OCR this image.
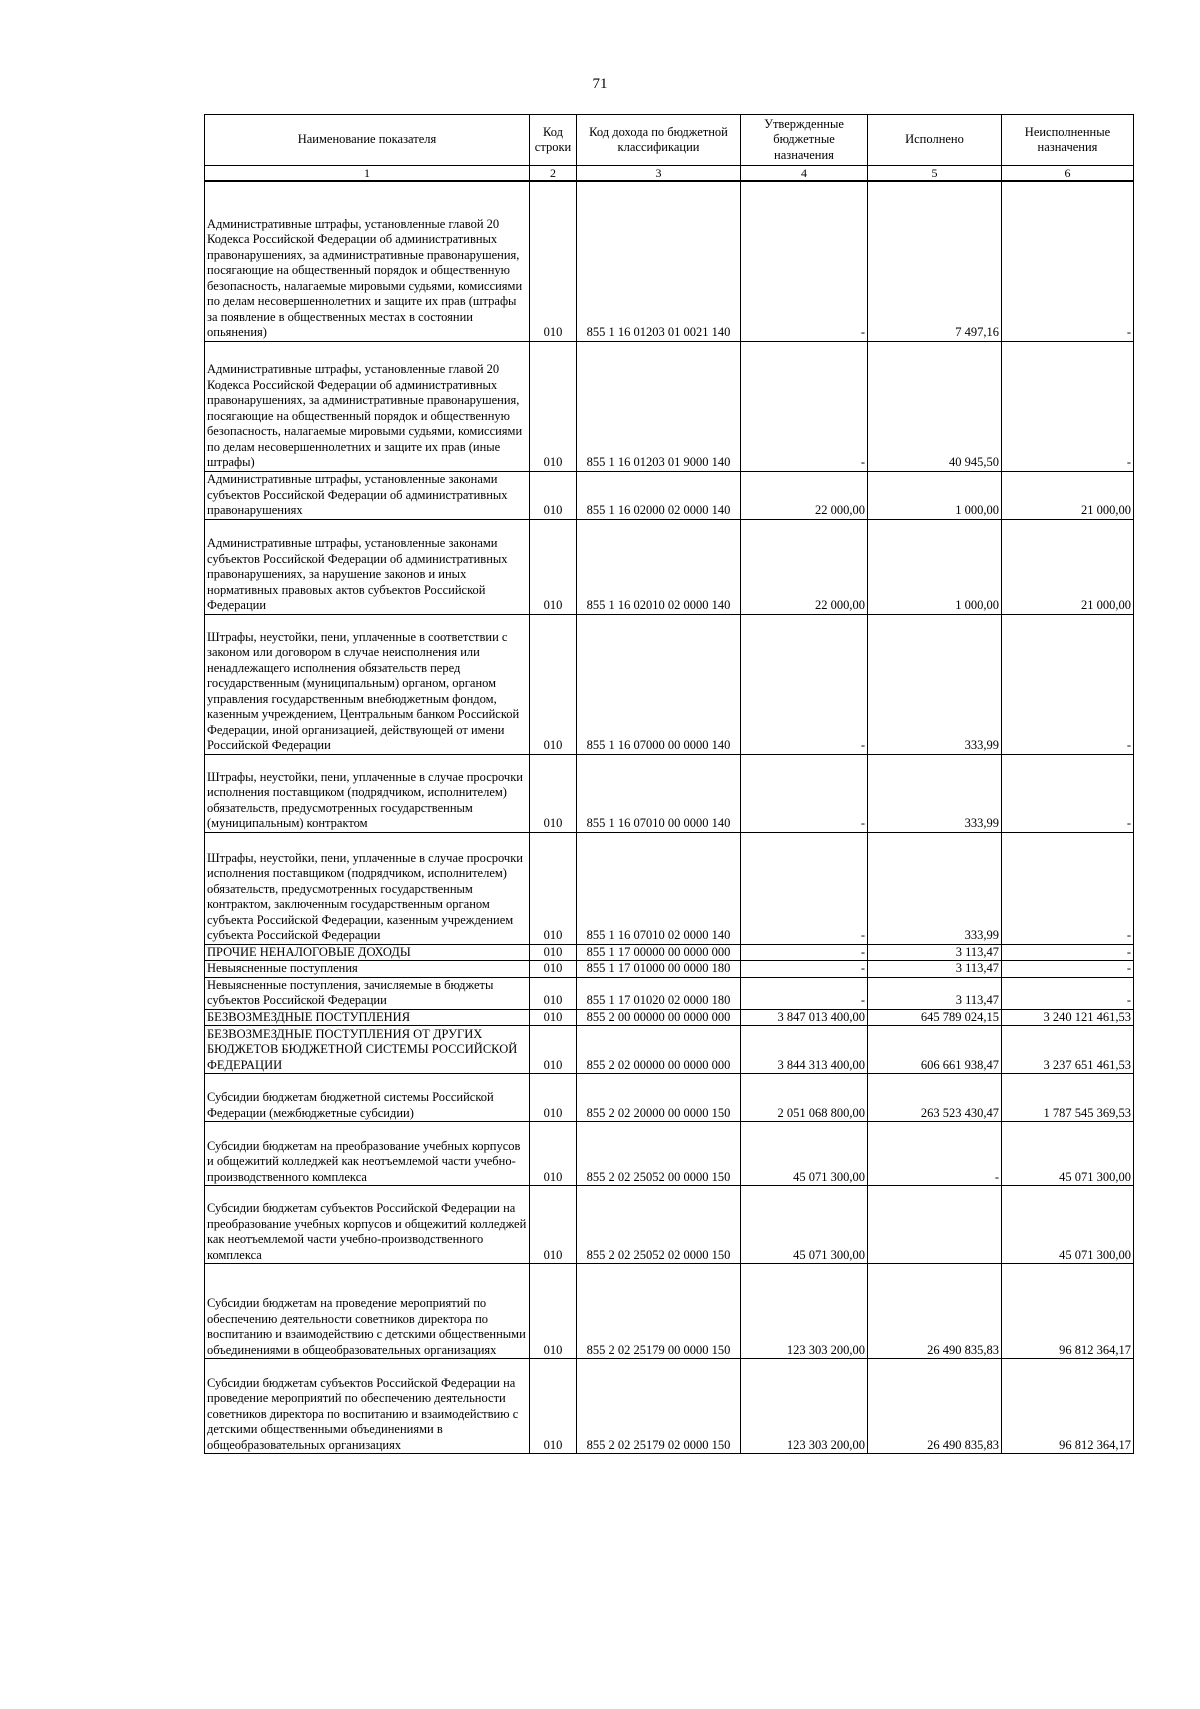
71
Наименование показателя	Код строки	Код дохода по бюджетной классификации	Утвержденные бюджетные назначения	Исполнено	Неисполненные назначения
1	2	3	4	5	6
Административные штрафы, установленные главой 20 Кодекса Российской Федерации об административных правонарушениях, за административные правонарушения, посягающие на общественный порядок и общественную безопасность, налагаемые мировыми судьями, комиссиями по делам несовершеннолетних и защите их прав (штрафы за появление в общественных местах в состоянии опьянения)	010	855 1 16 01203 01 0021 140	-	7 497,16	-
Административные штрафы, установленные главой 20 Кодекса Российской Федерации об административных правонарушениях, за административные правонарушения, посягающие на общественный порядок и общественную безопасность, налагаемые мировыми судьями, комиссиями по делам несовершеннолетних и защите их прав (иные штрафы)	010	855 1 16 01203 01 9000 140	-	40 945,50	-
Административные штрафы, установленные законами субъектов Российской Федерации об административных правонарушениях	010	855 1 16 02000 02 0000 140	22 000,00	1 000,00	21 000,00
Административные штрафы, установленные законами субъектов Российской Федерации об административных правонарушениях, за нарушение законов и иных нормативных правовых актов субъектов Российской Федерации	010	855 1 16 02010 02 0000 140	22 000,00	1 000,00	21 000,00
Штрафы, неустойки, пени, уплаченные в соответствии с законом или договором в случае неисполнения или ненадлежащего исполнения обязательств перед государственным (муниципальным) органом, органом управления государственным внебюджетным фондом, казенным учреждением, Центральным банком Российской Федерации, иной организацией, действующей от имени Российской Федерации	010	855 1 16 07000 00 0000 140	-	333,99	-
Штрафы, неустойки, пени, уплаченные в случае просрочки исполнения поставщиком (подрядчиком, исполнителем) обязательств, предусмотренных государственным (муниципальным) контрактом	010	855 1 16 07010 00 0000 140	-	333,99	-
Штрафы, неустойки, пени, уплаченные в случае просрочки исполнения поставщиком (подрядчиком, исполнителем) обязательств, предусмотренных государственным контрактом, заключенным государственным органом субъекта Российской Федерации, казенным учреждением субъекта Российской Федерации	010	855 1 16 07010 02 0000 140	-	333,99	-
ПРОЧИЕ НЕНАЛОГОВЫЕ ДОХОДЫ	010	855 1 17 00000 00 0000 000	-	3 113,47	-
Невыясненные поступления	010	855 1 17 01000 00 0000 180	-	3 113,47	-
Невыясненные поступления, зачисляемые в бюджеты субъектов Российской Федерации	010	855 1 17 01020 02 0000 180	-	3 113,47	-
БЕЗВОЗМЕЗДНЫЕ ПОСТУПЛЕНИЯ	010	855 2 00 00000 00 0000 000	3 847 013 400,00	645 789 024,15	3 240 121 461,53
БЕЗВОЗМЕЗДНЫЕ ПОСТУПЛЕНИЯ ОТ ДРУГИХ БЮДЖЕТОВ БЮДЖЕТНОЙ СИСТЕМЫ РОССИЙСКОЙ ФЕДЕРАЦИИ	010	855 2 02 00000 00 0000 000	3 844 313 400,00	606 661 938,47	3 237 651 461,53
Субсидии бюджетам бюджетной системы Российской Федерации (межбюджетные субсидии)	010	855 2 02 20000 00 0000 150	2 051 068 800,00	263 523 430,47	1 787 545 369,53
Субсидии бюджетам на преобразование учебных корпусов и общежитий колледжей как неотъемлемой части учебно-производственного комплекса	010	855 2 02 25052 00 0000 150	45 071 300,00	-	45 071 300,00
Субсидии бюджетам субъектов Российской Федерации на преобразование учебных корпусов и общежитий колледжей как неотъемлемой части учебно-производственного комплекса	010	855 2 02 25052 02 0000 150	45 071 300,00		45 071 300,00
Субсидии бюджетам на проведение мероприятий по обеспечению деятельности советников директора по воспитанию и взаимодействию с детскими общественными объединениями в общеобразовательных организациях	010	855 2 02 25179 00 0000 150	123 303 200,00	26 490 835,83	96 812 364,17
Субсидии бюджетам субъектов Российской Федерации на проведение мероприятий по обеспечению деятельности советников директора по воспитанию и взаимодействию с детскими общественными объединениями в общеобразовательных организациях	010	855 2 02 25179 02 0000 150	123 303 200,00	26 490 835,83	96 812 364,17
